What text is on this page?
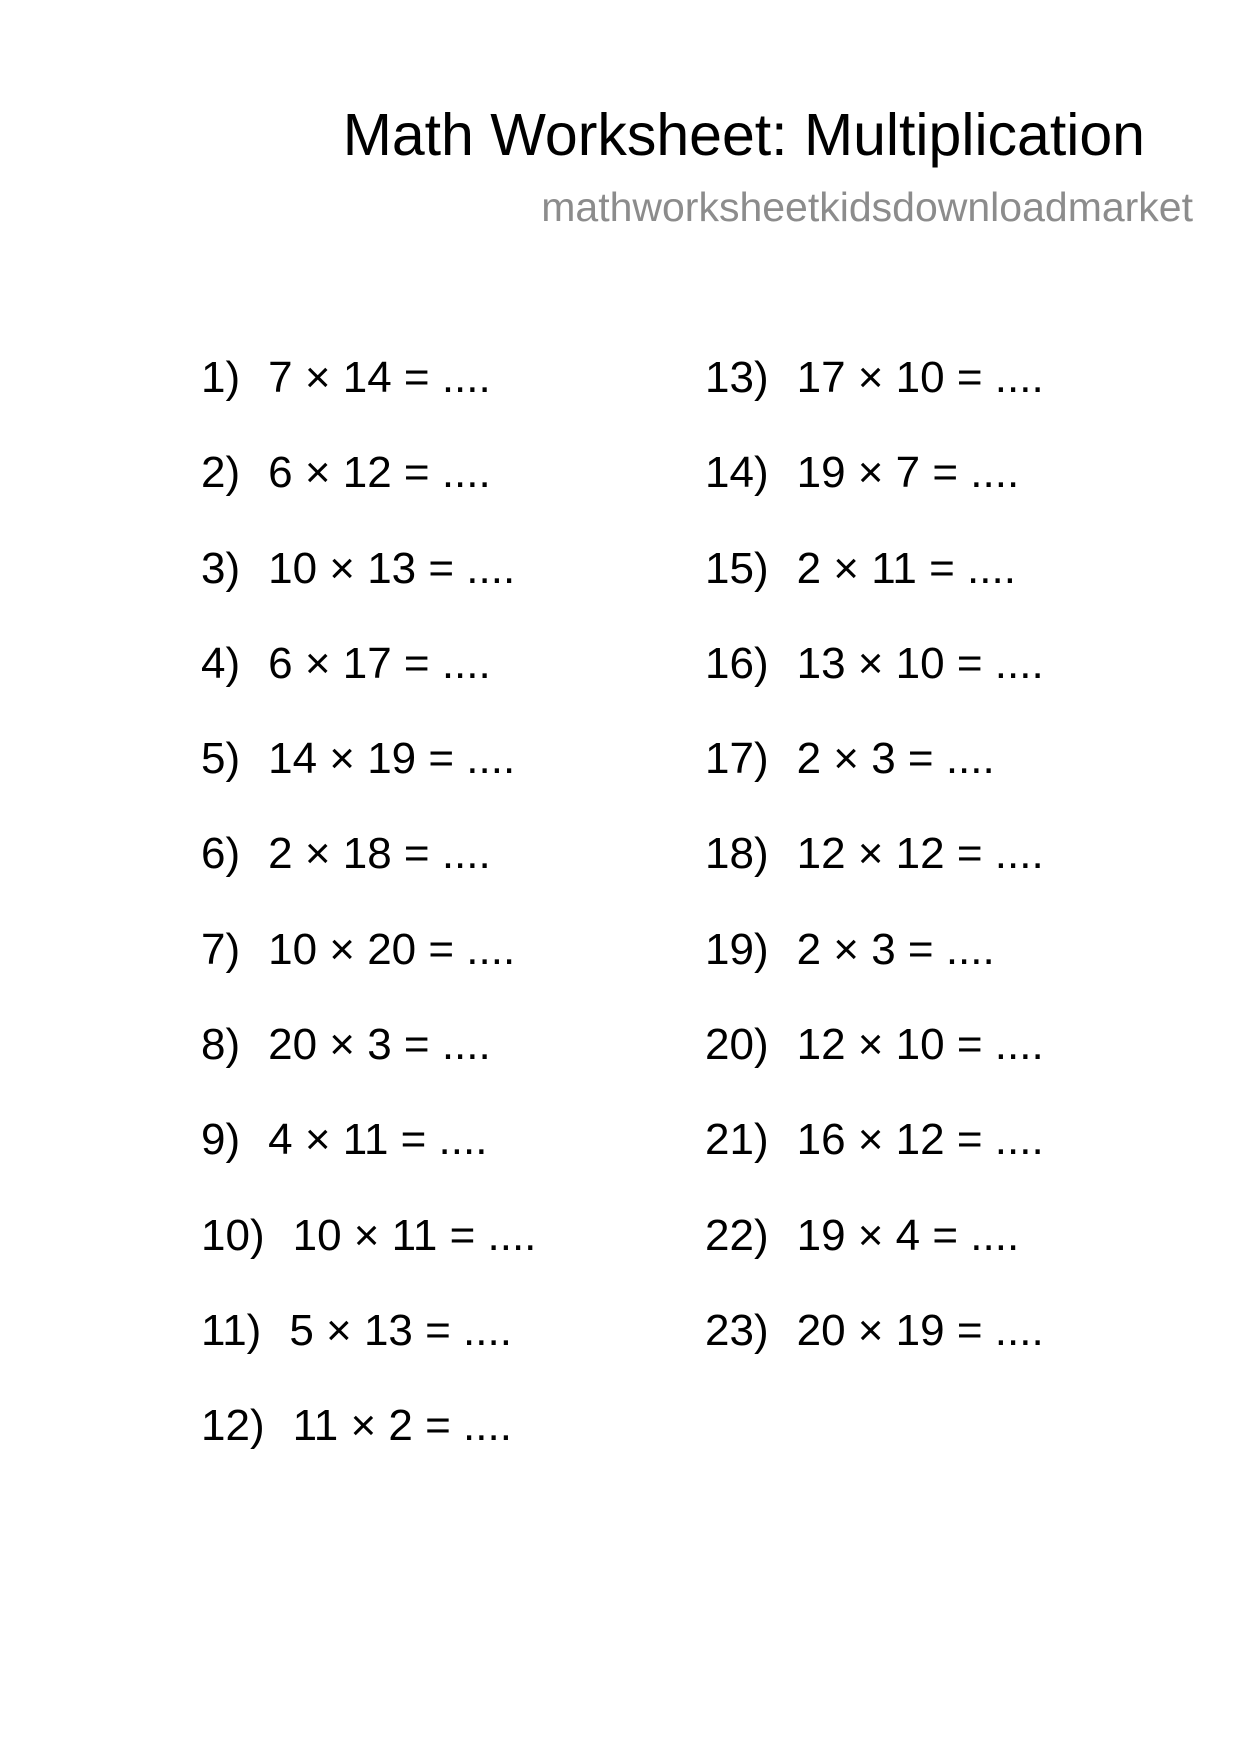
Math Worksheet: Multiplication
mathworksheetkidsdownloadmarket
1) 7 × 14 = ....
2) 6 × 12 = ....
3) 10 × 13 = ....
4) 6 × 17 = ....
5) 14 × 19 = ....
6) 2 × 18 = ....
7) 10 × 20 = ....
8) 20 × 3 = ....
9) 4 × 11 = ....
10) 10 × 11 = ....
11) 5 × 13 = ....
12) 11 × 2 = ....
13) 17 × 10 = ....
14) 19 × 7 = ....
15) 2 × 11 = ....
16) 13 × 10 = ....
17) 2 × 3 = ....
18) 12 × 12 = ....
19) 2 × 3 = ....
20) 12 × 10 = ....
21) 16 × 12 = ....
22) 19 × 4 = ....
23) 20 × 19 = ....
